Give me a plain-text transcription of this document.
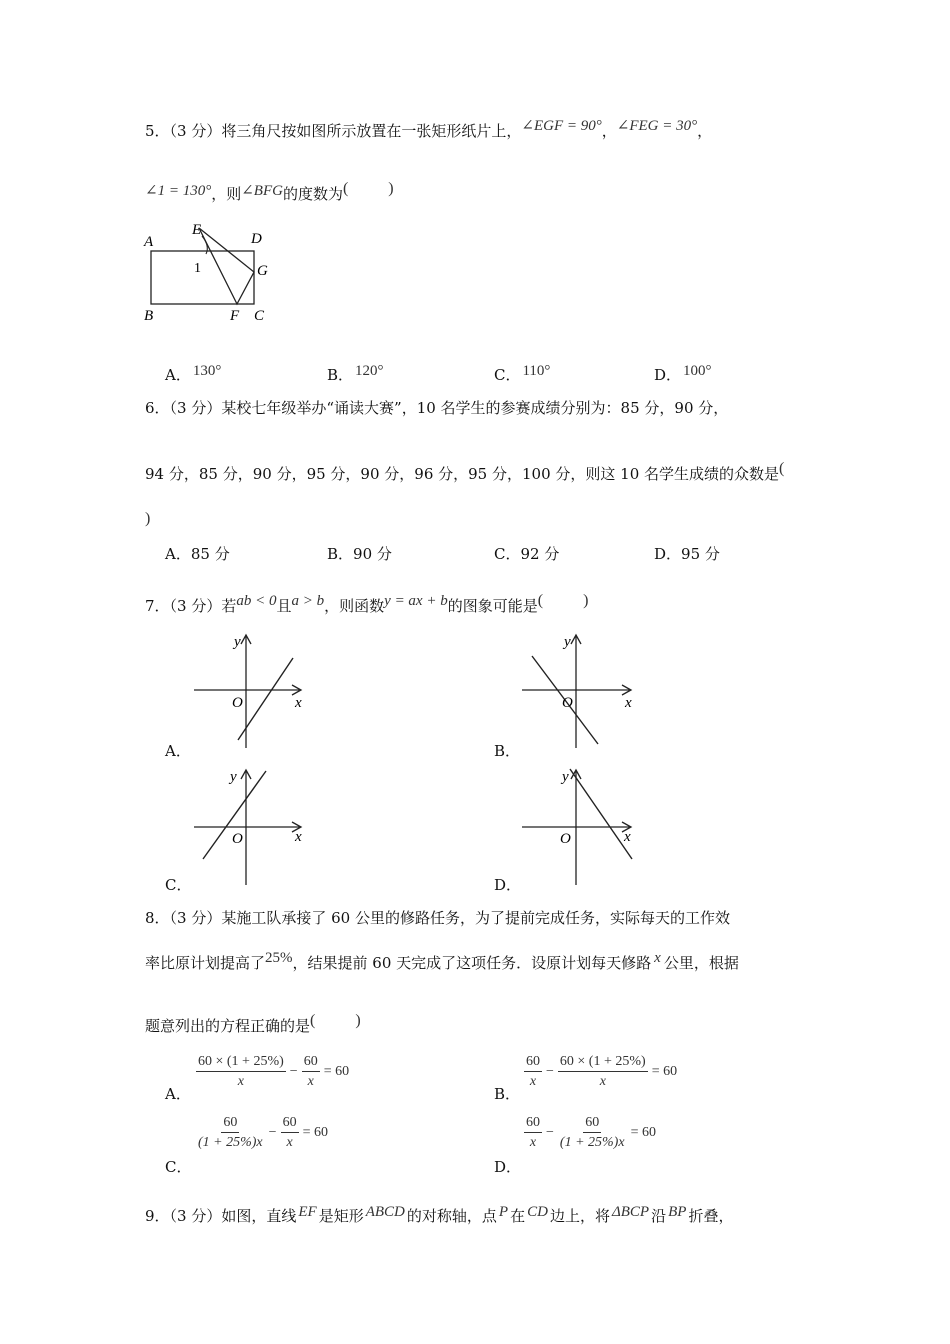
5．（3 分）将三角尺按如图所示放置在一张矩形纸片上，∠EGF = 90°，∠FEG = 30°，
∠1 = 130°，则∠BFG的度数为(	)
A
B	C
D
E
F
G
1
A． 130°	B． 120°	C． 110°	D． 100°
6．（3 分）某校七年级举办“诵读大赛”，10 名学生的参赛成绩分别为：85 分，90 分，
94 分，85 分，90 分，95 分，90 分，96 分，95 分，100 分，则这 10 名学生成绩的众数是(
)
A．85 分	B．90 分	C．92 分	D．95 分
7．（3 分）若ab < 0且a > b，则函数y = ax + b的图象可能是(	)
y
O	x
y
O	x
A．	B．
y
O	x
y
O	x
C．	D．
8．（3 分）某施工队承接了 60 公里的修路任务，为了提前完成任务，实际每天的工作效
率比原计划提高了25%，结果提前 60 天完成了这项任务．设原计划每天修路 x 公里，根据
题意列出的方程正确的是(	)
A．
$\frac{60 \times (1 + 25\%)}{x} - \frac{60}{x} = 60$
B．
$\frac{60}{x} - \frac{60 \times (1 + 25\%)}{x} = 60$
C．
$\frac{60}{(1 + 25\%)x} - \frac{60}{x} = 60$
D．
$\frac{60}{x} - \frac{60}{(1 + 25\%)x} = 60$
9．（3 分）如图，直线 EF 是矩形 ABCD 的对称轴，点 P 在 CD 边上，将 ΔBCP 沿 BP 折叠，
